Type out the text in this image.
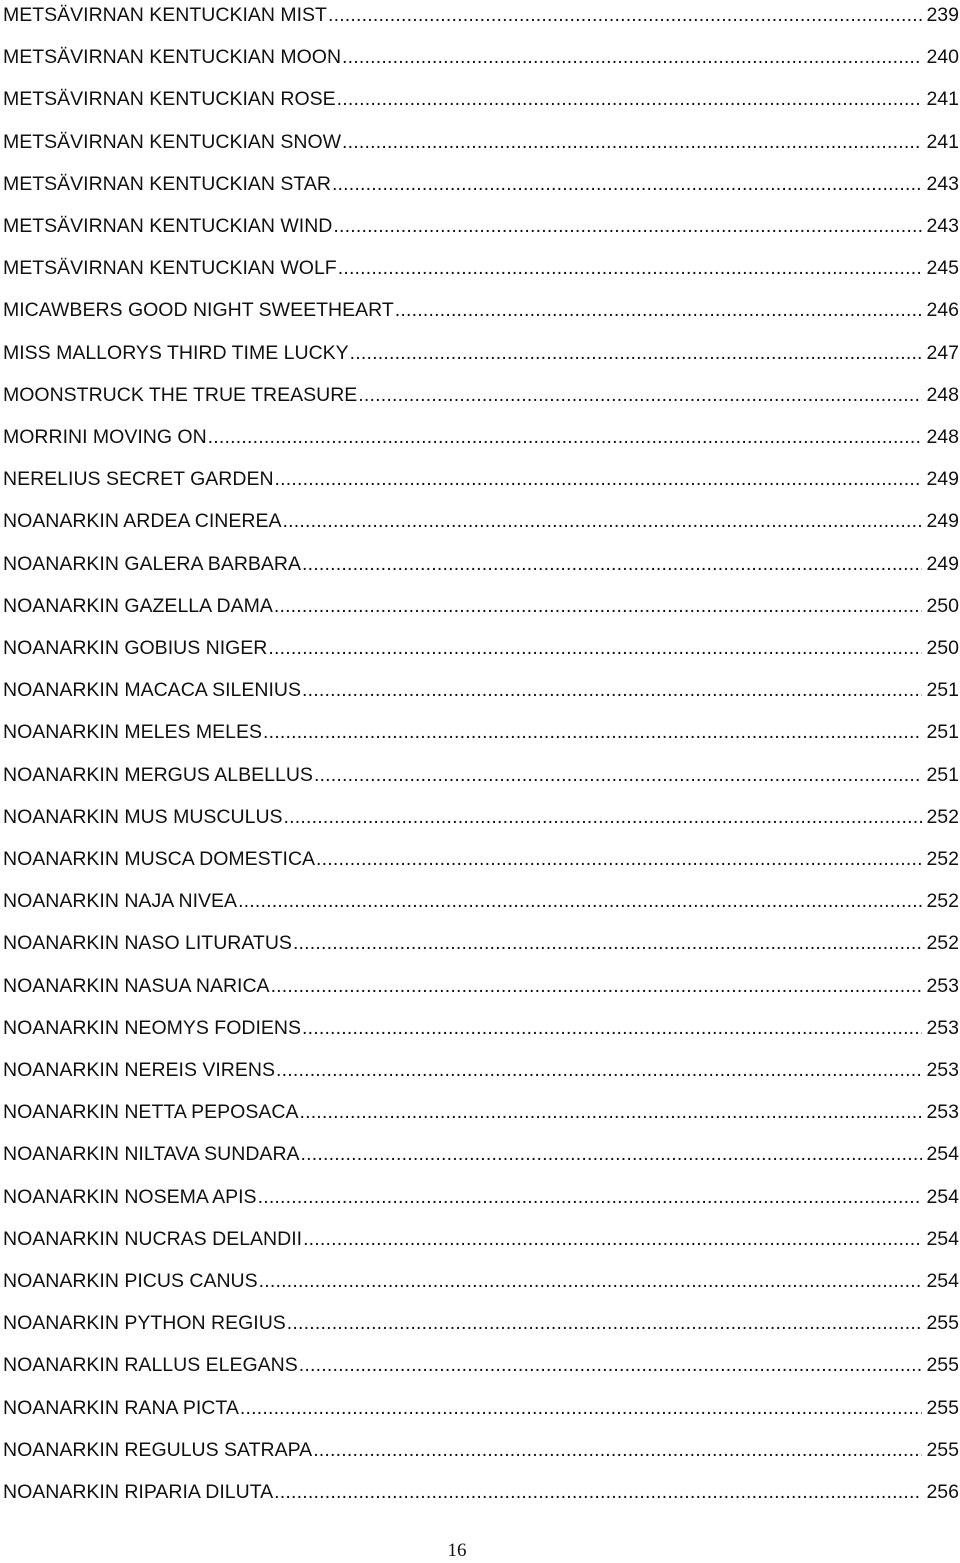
METSÄVIRNAN KENTUCKIAN MIST .....	239
METSÄVIRNAN KENTUCKIAN MOON .....	240
METSÄVIRNAN KENTUCKIAN ROSE .....	241
METSÄVIRNAN KENTUCKIAN SNOW .....	241
METSÄVIRNAN KENTUCKIAN STAR .....	243
METSÄVIRNAN KENTUCKIAN WIND .....	243
METSÄVIRNAN KENTUCKIAN WOLF .....	245
MICAWBERS GOOD NIGHT SWEETHEART .....	246
MISS MALLORYS THIRD TIME LUCKY .....	247
MOONSTRUCK THE TRUE TREASURE .....	248
MORRINI MOVING ON .....	248
NERELIUS SECRET GARDEN .....	249
NOANARKIN ARDEA CINEREA .....	249
NOANARKIN GALERA BARBARA .....	249
NOANARKIN GAZELLA DAMA .....	250
NOANARKIN GOBIUS NIGER .....	250
NOANARKIN MACACA SILENIUS .....	251
NOANARKIN MELES MELES .....	251
NOANARKIN MERGUS ALBELLUS .....	251
NOANARKIN MUS MUSCULUS .....	252
NOANARKIN MUSCA DOMESTICA .....	252
NOANARKIN NAJA NIVEA .....	252
NOANARKIN NASO LITURATUS .....	252
NOANARKIN NASUA NARICA .....	253
NOANARKIN NEOMYS FODIENS .....	253
NOANARKIN NEREIS VIRENS .....	253
NOANARKIN NETTA PEPOSACA .....	253
NOANARKIN NILTAVA SUNDARA .....	254
NOANARKIN NOSEMA APIS .....	254
NOANARKIN NUCRAS DELANDII .....	254
NOANARKIN PICUS CANUS .....	254
NOANARKIN PYTHON REGIUS .....	255
NOANARKIN RALLUS ELEGANS .....	255
NOANARKIN RANA PICTA .....	255
NOANARKIN REGULUS SATRAPA .....	255
NOANARKIN RIPARIA DILUTA .....	256
16
